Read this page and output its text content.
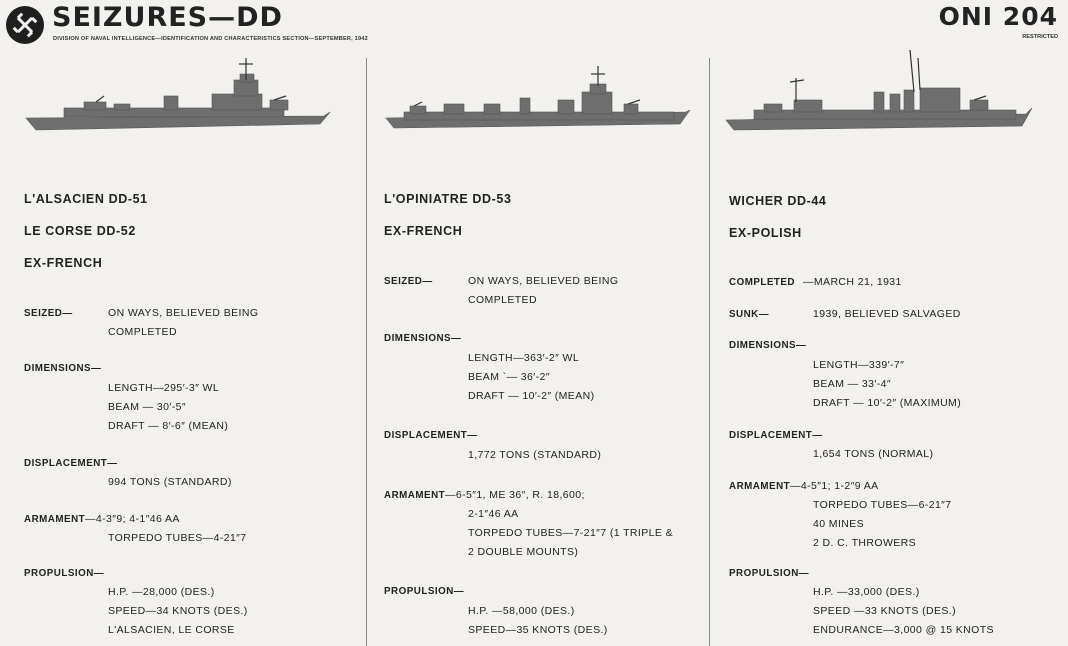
SEIZURES—DD
DIVISION OF NAVAL INTELLIGENCE—IDENTIFICATION AND CHARACTERISTICS SECTION—SEPTEMBER, 1942
ONI 204
RESTRICTED
L'ALSACIEN DD-51
LE CORSE DD-52
EX-FRENCH
SEIZED—	ON WAYS, BELIEVED BEING
COMPLETED
DIMENSIONS—
LENGTH—295′-3″ WL
BEAM — 30′-5″
DRAFT — 8′-6″ (MEAN)
DISPLACEMENT—
994 TONS (STANDARD)
ARMAMENT —4-3″9; 4-1″46 AA
TORPEDO TUBES—4-21″7
PROPULSION—
H.P. —28,000 (DES.)
SPEED—34 KNOTS (DES.)
L'ALSACIEN, LE CORSE
L'OPINIATRE DD-53
EX-FRENCH
SEIZED—	ON WAYS, BELIEVED BEING
COMPLETED
DIMENSIONS—
LENGTH—363′-2″ WL
BEAM `— 36′-2″
DRAFT — 10′-2″ (MEAN)
DISPLACEMENT—
1,772 TONS (STANDARD)
ARMAMENT —6-5″1, ME 36″, R. 18,600;
2-1″46 AA
TORPEDO TUBES—7-21″7 (1 TRIPLE &
2 DOUBLE MOUNTS)
PROPULSION—
H.P. —58,000 (DES.)
SPEED—35 KNOTS (DES.)
WICHER DD-44
EX-POLISH
COMPLETED —MARCH 21, 1931
SUNK—	1939, BELIEVED SALVAGED
DIMENSIONS—
LENGTH—339′-7″
BEAM — 33′-4″
DRAFT — 10′-2″ (MAXIMUM)
DISPLACEMENT—
1,654 TONS (NORMAL)
ARMAMENT —4-5″1; 1-2″9 AA
TORPEDO TUBES—6-21″7
40 MINES
2 D. C. THROWERS
PROPULSION—
H.P. —33,000 (DES.)
SPEED —33 KNOTS (DES.)
ENDURANCE—3,000 @ 15 KNOTS
